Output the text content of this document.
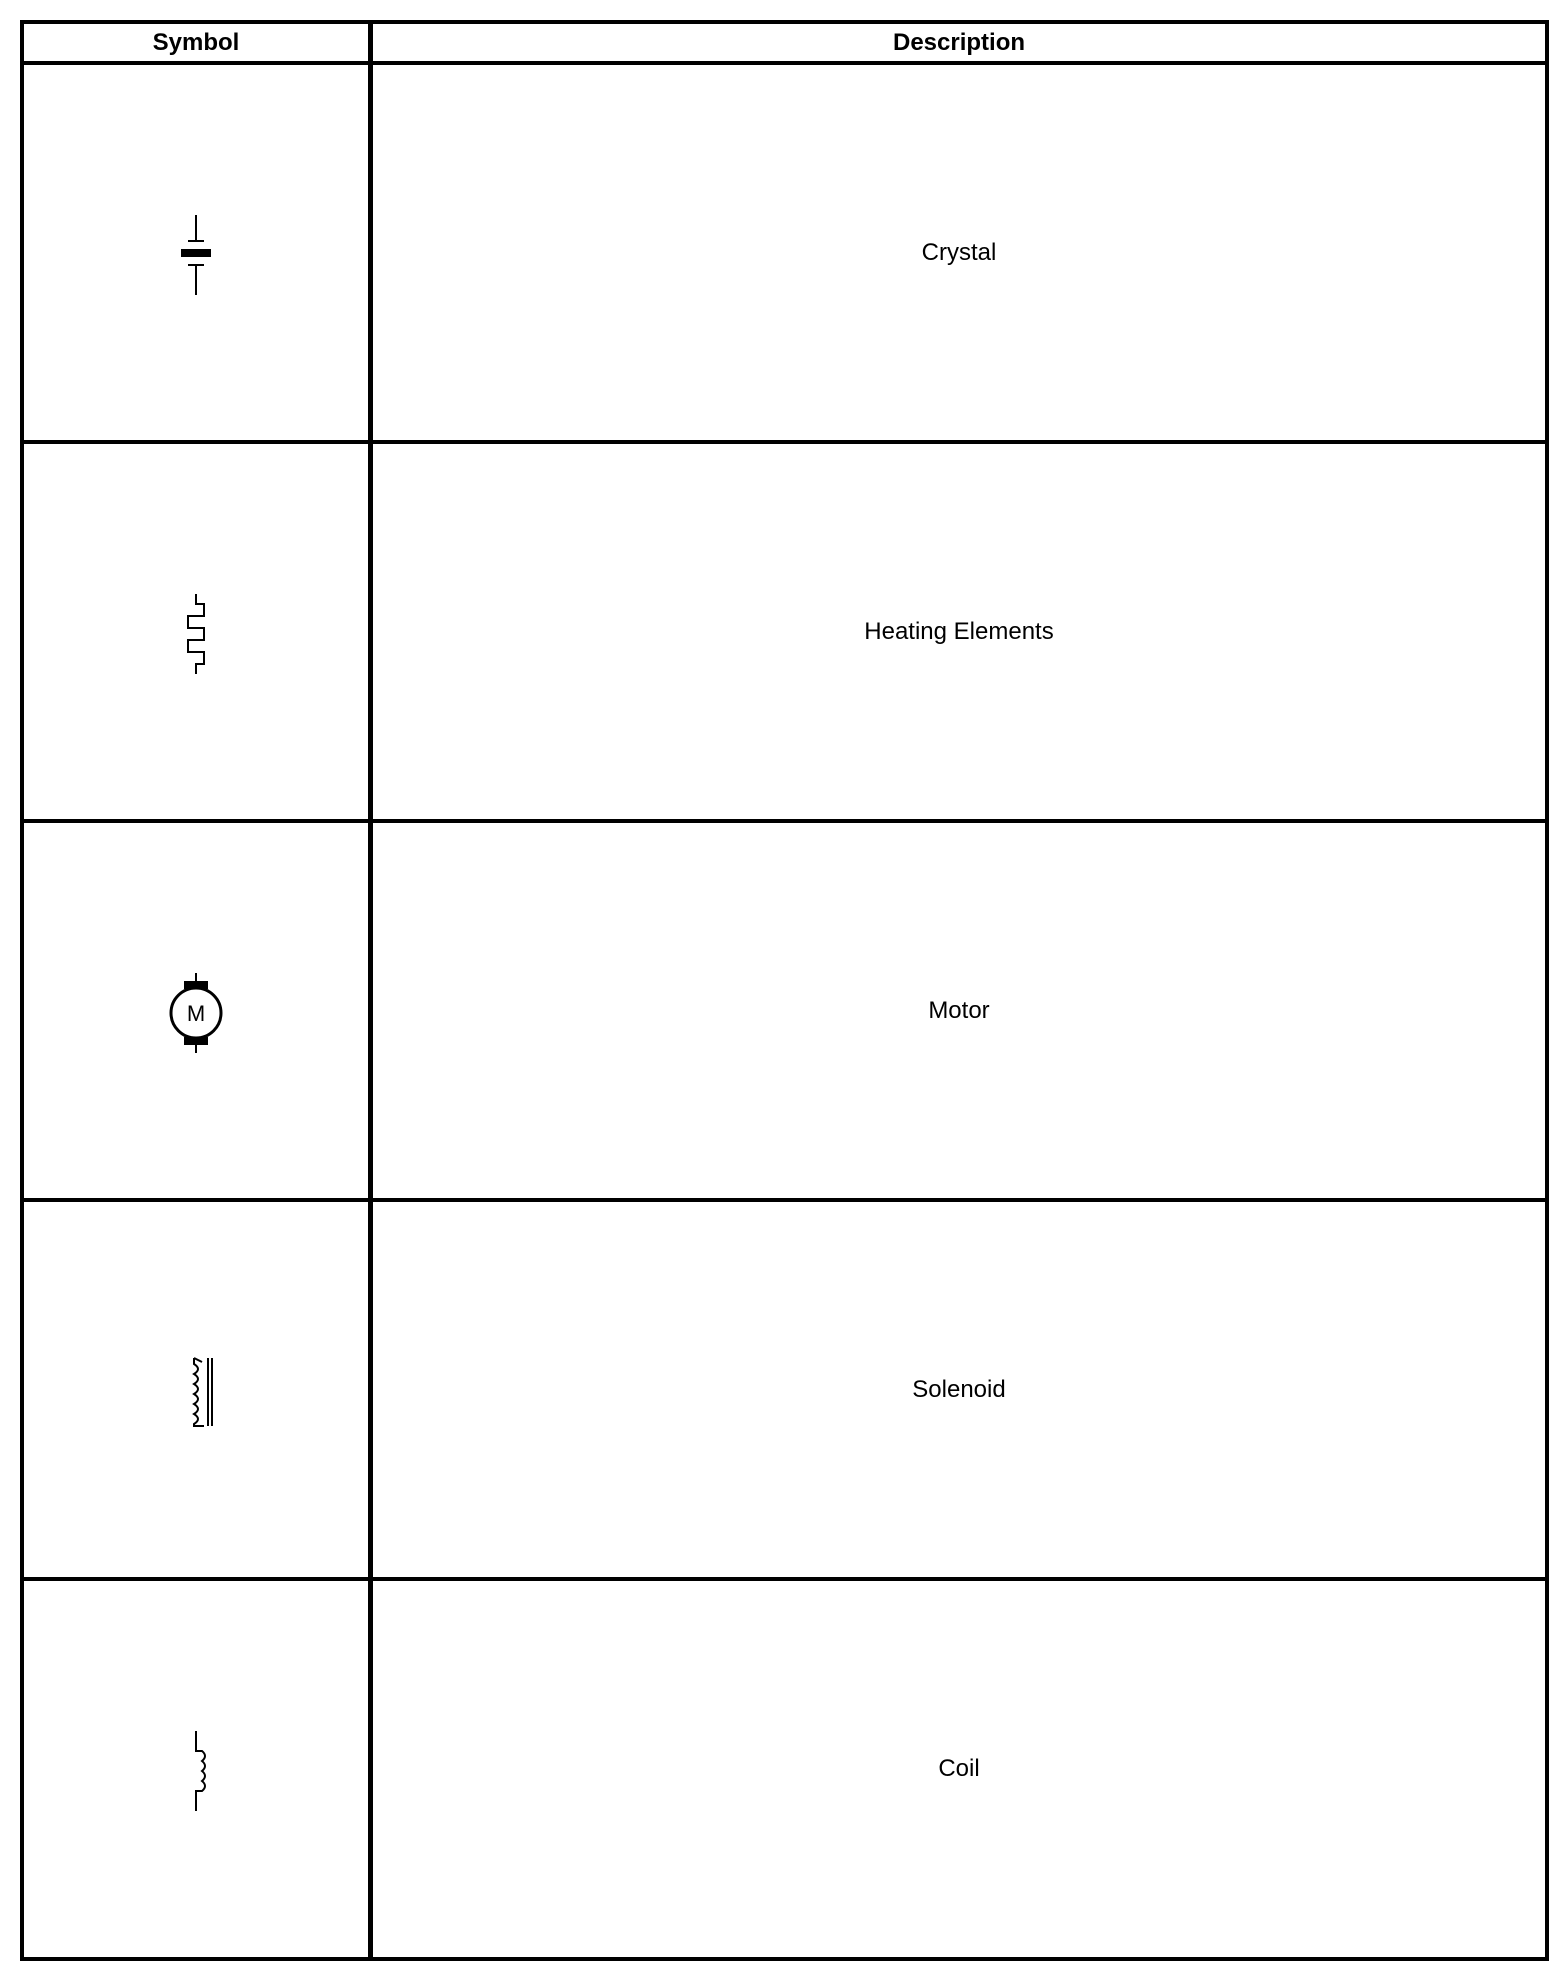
Symbol	Description
Crystal
Heating Elements
M	Motor
Solenoid
Coil
